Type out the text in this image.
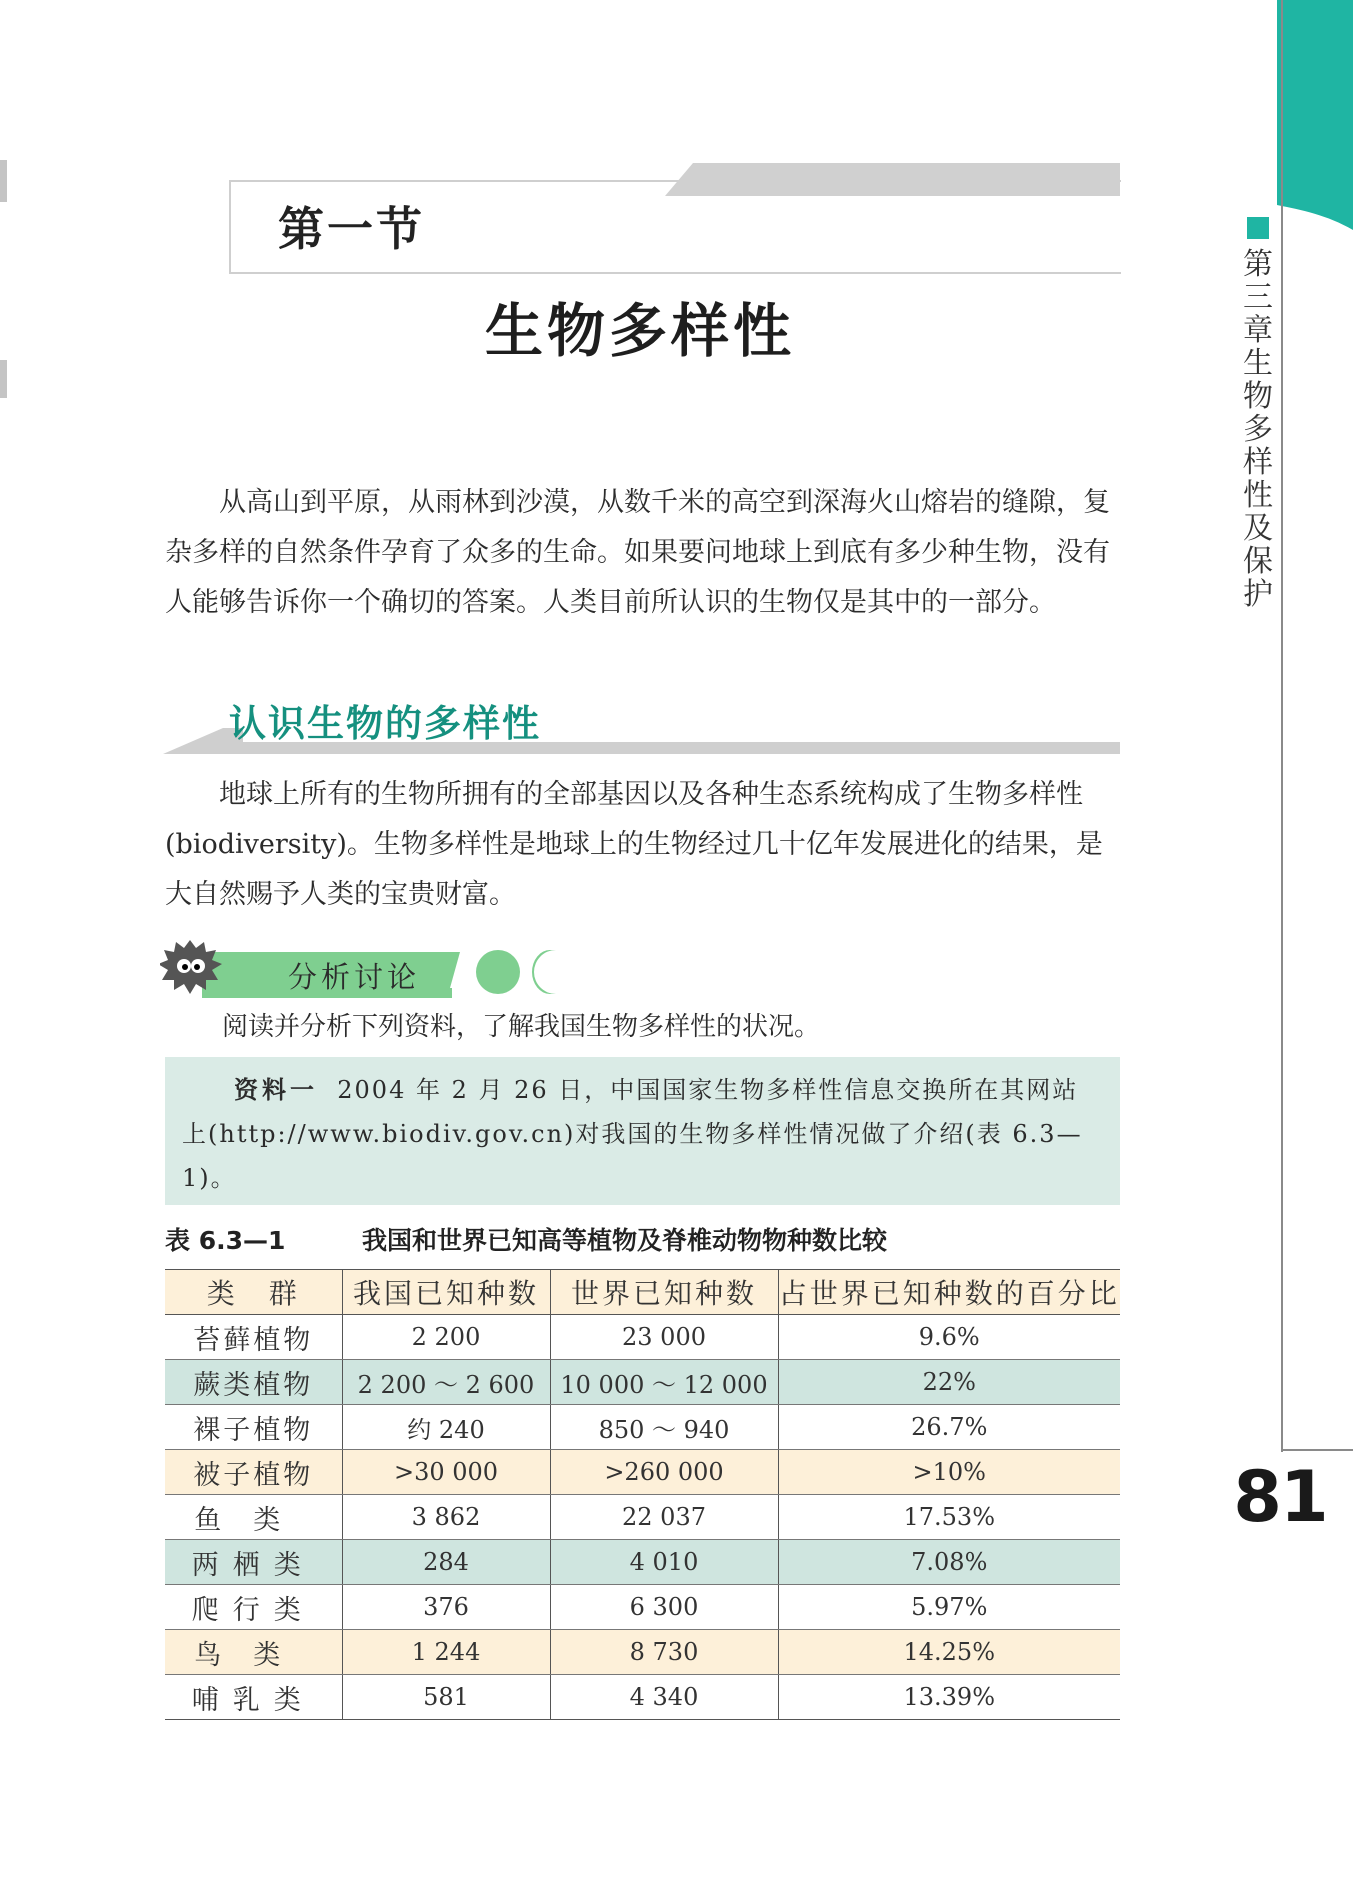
第三章 生物多样性及保护
81
第一节
生物多样性

从高山到平原，从雨林到沙漠，从数千米的高空到深海火山熔岩的缝隙，复杂多样的自然条件孕育了众多的生命。如果要问地球上到底有多少种生物，没有人能够告诉你一个确切的答案。人类目前所认识的生物仅是其中的一部分。

认识生物的多样性

地球上所有的生物所拥有的全部基因以及各种生态系统构成了生物多样性(biodiversity)。生物多样性是地球上的生物经过几十亿年发展进化的结果，是大自然赐予人类的宝贵财富。

分析讨论
阅读并分析下列资料，了解我国生物多样性的状况。
  资料一 2004 年 2 月 26 日，中国国家生物多样性信息交换所在其网站上(http://www.biodiv.gov.cn)对我国的生物多样性情况做了介绍(表 6.3—1)。
表 6.3—1	我国和世界已知高等植物及脊椎动物物种数比较
类　群	我国已知种数	世界已知种数	占世界已知种数的百分比
苔藓植物	2 200	23 000	9.6%
蕨类植物	2 200 ～ 2 600	10 000 ～ 12 000	22%
裸子植物	约 240	850 ～ 940	26.7%
被子植物	>30 000	>260 000	>10%
鱼类	3 862	22 037	17.53%
两栖类	284	4 010	7.08%
爬行类	376	6 300	5.97%
鸟类	1 244	8 730	14.25%
哺乳类	581	4 340	13.39%
